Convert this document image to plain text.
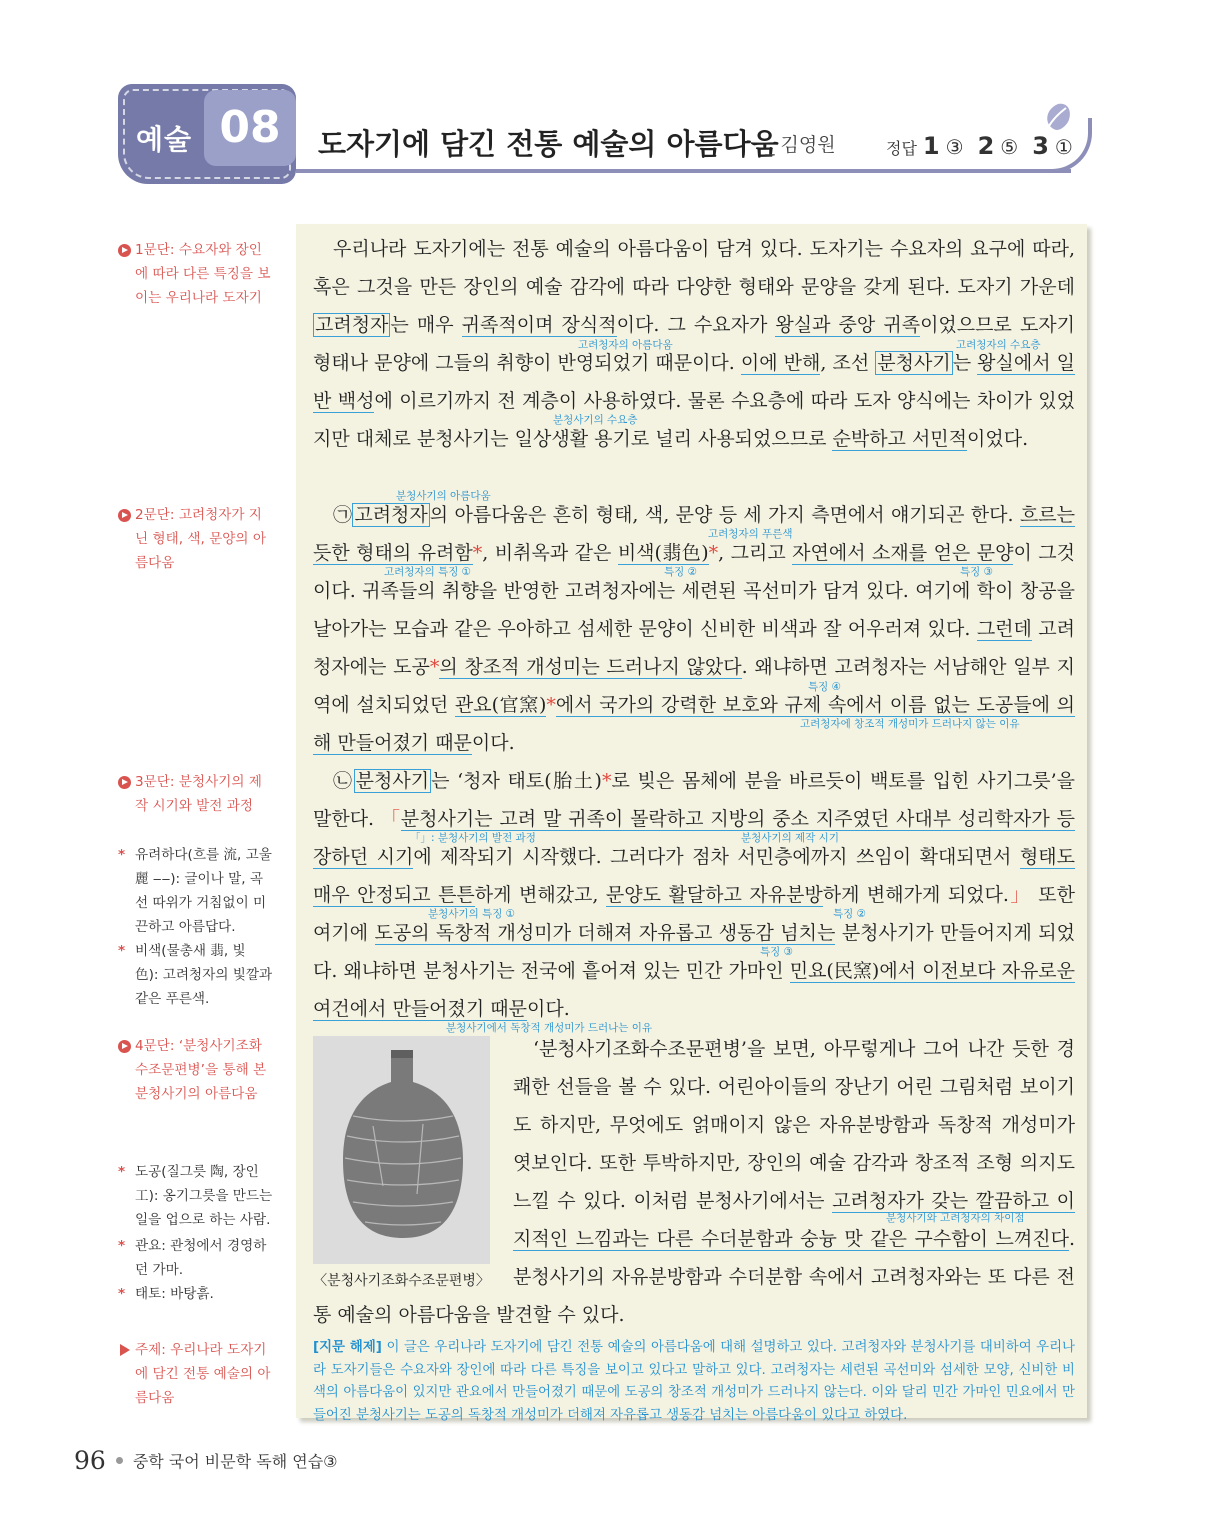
예술 08	도자기에 담긴 전통 예술의 아름다움
_ 김영원	정답 1 ③ 2 ⑤ 3 ①

1문단: 수요자와 장인에 따라 다른 특징을 보이는 우리나라 도자기

2문단: 고려청자가 지닌 형태, 색, 문양의 아름다움

3문단: 분청사기의 제작 시기와 발전 과정

* 유려하다(흐를 流, 고울 麗 ‒‒): 글이나 말, 곡선 따위가 거침없이 미끈하고 아름답다.

* 비색(물총새 翡, 빛 色): 고려청자의 빛깔과 같은 푸른색.

4문단: ‘분청사기조화수조문편병’을 통해 본 분청사기의 아름다움

* 도공(질그릇 陶, 장인 工): 옹기그릇을 만드는 일을 업으로 하는 사람.

* 관요: 관청에서 경영하던 가마.

* 태토: 바탕흙.

주제: 우리나라 도자기에 담긴 전통 예술의 아름다움

우리나라 도자기에는 전통 예술의 아름다움이 담겨 있다. 도자기는 수요자의 요구에 따라, 혹은 그것을 만든 장인의 예술 감각에 따라 다양한 형태와 문양을 갖게 된다. 도자기 가운데 고려청자 는 매우 귀족적이며 장식적이다. 그 수요자가 왕실과 중앙 귀족이었으므로 도자기 형태나 문양에 그들의 취향이 반영되었기 때문이다. 이에 반해, 조선 분청사기 는 왕실에서 일반 백성에 이르기까지 전 계층이 사용하였다. 물론 수요층에 따라 도자 양식에는 차이가 있었지만 대체로 분청사기는 일상생활 용기로 널리 사용되었으므로 순박하고 서민적이었다.

㉠ 고려청자 의 아름다움은 흔히 형태, 색, 문양 등 세 가지 측면에서 얘기되곤 한다. 흐르는 듯한 형태의 유려함*, 비취옥과 같은 비색(翡色)*, 그리고 자연에서 소재를 얻은 문양이 그것이다. 귀족들의 취향을 반영한 고려청자에는 세련된 곡선미가 담겨 있다. 여기에 학이 창공을 날아가는 모습과 같은 우아하고 섬세한 문양이 신비한 비색과 잘 어우러져 있다. 그런데 고려청자에는 도공*의 창조적 개성미는 드러나지 않았다. 왜냐하면 고려청자는 서남해안 일부 지역에 설치되었던 관요(官窯)*에서 국가의 강력한 보호와 규제 속에서 이름 없는 도공들에 의해 만들어졌기 때문이다.

㉡ 분청사기 는 ‘청자 태토(胎土)*로 빚은 몸체에 분을 바르듯이 백토를 입힌 사기그릇’을 말한다. 「분청사기는 고려 말 귀족이 몰락하고 지방의 중소 지주였던 사대부 성리학자가 등장하던 시기에 제작되기 시작했다. 그러다가 점차 서민층에까지 쓰임이 확대되면서 형태도 매우 안정되고 튼튼하게 변해갔고, 문양도 활달하고 자유분방하게 변해가게 되었다.」 또한 여기에 도공의 독창적 개성미가 더해져 자유롭고 생동감 넘치는 분청사기가 만들어지게 되었다. 왜냐하면 분청사기는 전국에 흩어져 있는 민간 가마인 민요(民窯)에서 이전보다 자유로운 여건에서 만들어졌기 때문이다.

‘분청사기조화수조문편병’을 보면, 아무렇게나 그어 나간 듯한 경쾌한 선들을 볼 수 있다. 어린아이들의 장난기 어린 그림처럼 보이기도 하지만, 무엇에도 얽매이지 않은 자유분방함과 독창적 개성미가 엿보인다. 또한 투박하지만, 장인의 예술 감각과 창조적 조형 의지도 느낄 수 있다. 이처럼 분청사기에서는 고려청자가 갖는 깔끔하고 이지적인 느낌과는 다른 수더분함과 숭늉 맛 같은 구수함이 느껴진다. 분청사기의 자유분방함과 수더분함 속에서 고려청자와는 또 다른 전통 예술의 아름다움을 발견할 수 있다.

〈분청사기조화수조문편병〉
고려청자의 아름다움	고려청자의 수요층
분청사기의 수요층
분청사기의 아름다움
고려청자의 푸른색
고려청자의 특징 ①	특징 ②	특징 ③
특징 ④
고려청자에 창조적 개성미가 드러나지 않는 이유
「」: 분청사기의 발전 과정	분청사기의 제작 시기
분청사기의 특징 ①	특징 ②
특징 ③
분청사기에서 독창적 개성미가 드러나는 이유
분청사기와 고려청자의 차이점
[지문 해제] 이 글은 우리나라 도자기에 담긴 전통 예술의 아름다움에 대해 설명하고 있다. 고려청자와 분청사기를 대비하여 우리나라 도자기들은 수요자와 장인에 따라 다른 특징을 보이고 있다고 말하고 있다. 고려청자는 세련된 곡선미와 섬세한 모양, 신비한 비색의 아름다움이 있지만 관요에서 만들어졌기 때문에 도공의 창조적 개성미가 드러나지 않는다. 이와 달리 민간 가마인 민요에서 만들어진 분청사기는 도공의 독창적 개성미가 더해져 자유롭고 생동감 넘치는 아름다움이 있다고 하였다.
96 중학 국어 비문학 독해 연습③
